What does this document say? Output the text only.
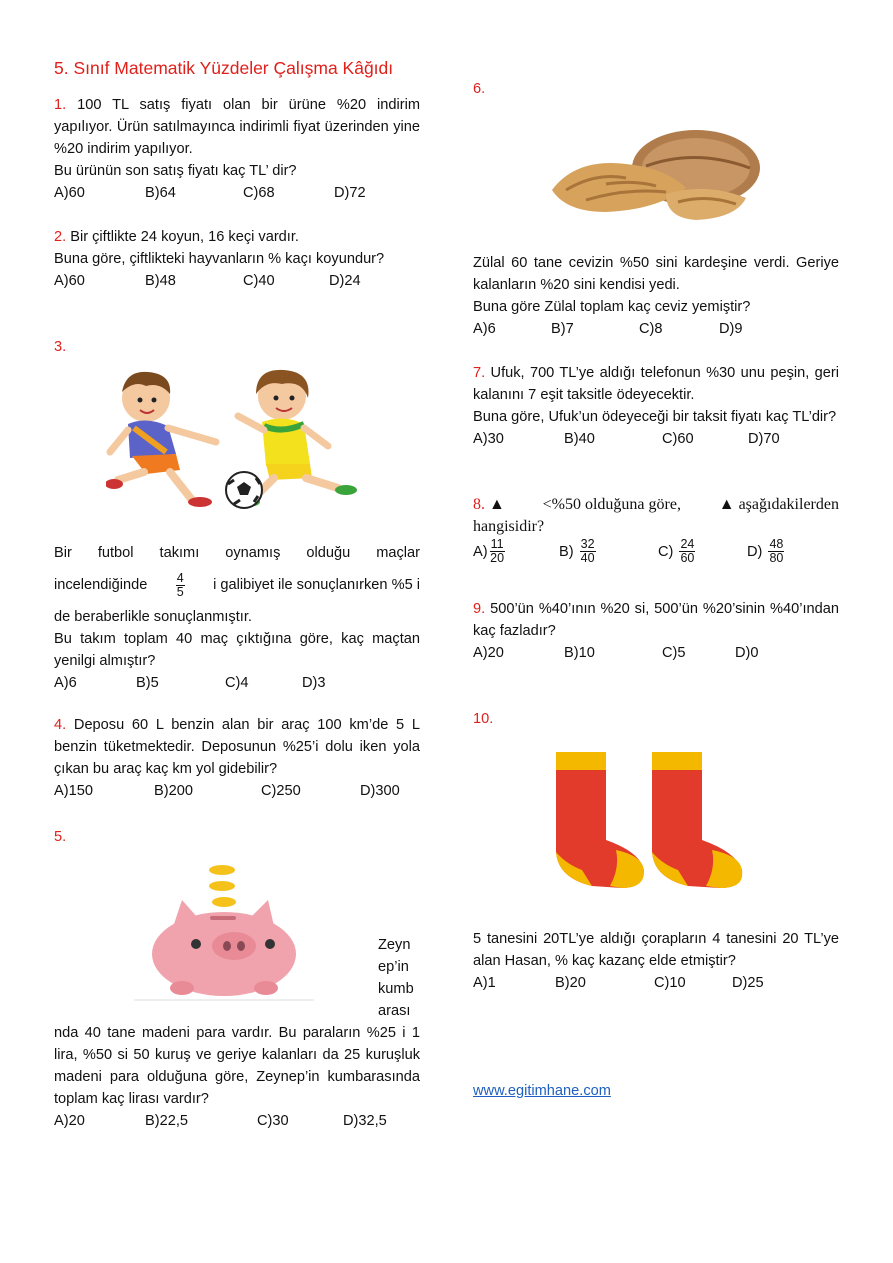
5. Sınıf Matematik Yüzdeler Çalışma Kâğıdı

1. 100 TL satış fiyatı olan bir ürüne %20 indirim yapılıyor. Ürün satılmayınca indirimli fiyat üzerinden yine %20 indirim yapılıyor.

Bu ürünün son satış fiyatı kaç TL’ dir?

A)60	B)64	C)68	D)72

2. Bir çiftlikte 24 koyun, 16 keçi vardır.

Buna göre, çiftlikteki hayvanların % kaçı koyundur?

A)60	B)48	C)40	D)24
3.

Bir futbol takımı oynamış olduğu maçlar

incelendiğinde $\frac{4}{5}$ i galibiyet ile sonuçlanırken %5 i

de beraberlikle sonuçlanmıştır.

Bu takım toplam 40 maç çıktığına göre, kaç maçtan yenilgi almıştır?

A)6	B)5	C)4	D)3

4. Deposu 60 L benzin alan bir araç 100 km’de 5 L benzin tüketmektedir. Deposunun %25’i dolu iken yola çıkan bu araç kaç km yol gidebilir?

A)150	B)200	C)250	D)300
5.

Zeyn

ep’in

kumb

arası

nda 40 tane madeni para vardır. Bu paraların %25 i 1 lira, %50 si 50 kuruş ve geriye kalanları da 25 kuruşluk madeni para olduğuna göre, Zeynep’in kumbarasında toplam kaç lirası vardır?

A)20	B)22,5	C)30	D)32,5
6.

Zülal 60 tane cevizin %50 sini kardeşine verdi. Geriye kalanların %20 sini kendisi yedi.

Buna göre Zülal toplam kaç ceviz yemiştir?

A)6	B)7	C)8	D)9

7. Ufuk, 700 TL’ye aldığı telefonun %30 unu peşin, geri kalanını 7 eşit taksitle ödeyecektir.

Buna göre, Ufuk’un ödeyeceği bir taksit fiyatı kaç TL’dir?

A)30	B)40	C)60	D)70

8. ▲ <%50 olduğuna göre, ▲ aşağıdakilerden

hangisidir?

$A) \frac{11}{20}$	B)
$\frac{32}{40}$	C)
$\frac{24}{60}$	D)
$\frac{48}{80}$

9. 500’ün %40’ının %20 si, 500’ün %20’sinin %40’ından kaç fazladır?

A)20	B)10	C)5	D)0
10.

5 tanesini 20TL’ye aldığı çorapların 4 tanesini 20 TL’ye alan Hasan, % kaç kazanç elde etmiştir?

A)1	B)20	C)10	D)25
www.egitimhane.com
